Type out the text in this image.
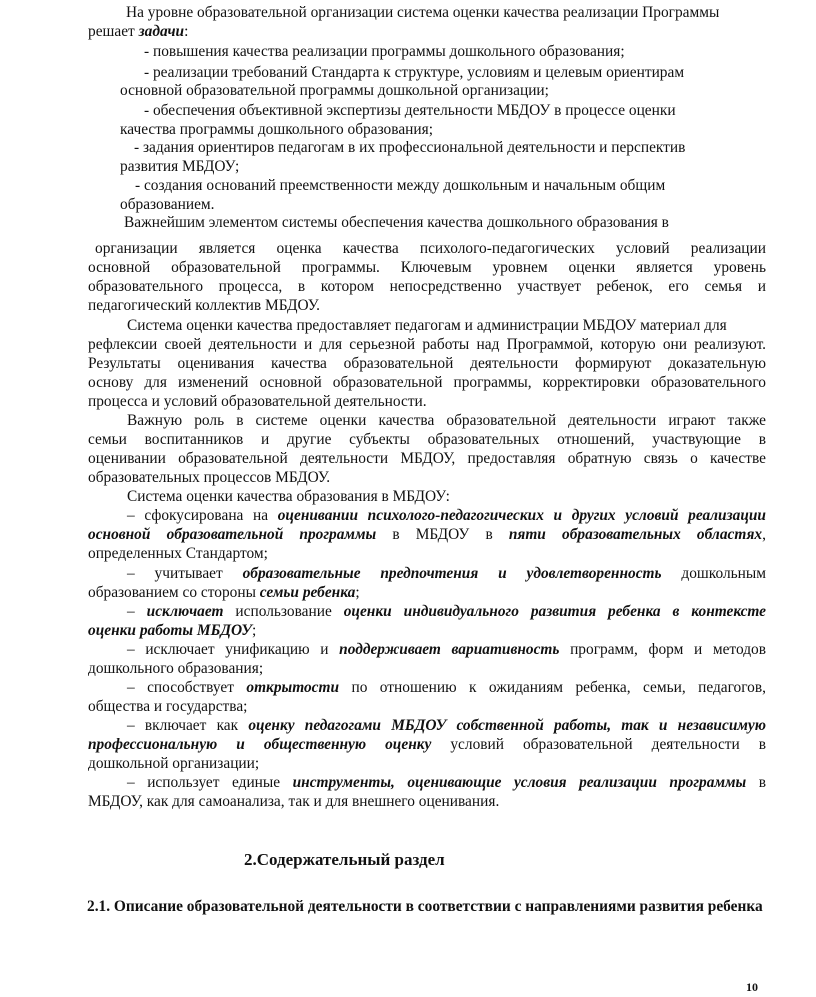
На уровне образовательной организации система оценки качества реализации Программы
решает задачи:
- повышения качества реализации программы дошкольного образования;
- реализации требований Стандарта к структуре, условиям и целевым ориентирам
основной образовательной программы дошкольной организации;
- обеспечения объективной экспертизы деятельности МБДОУ в процессе оценки
качества программы дошкольного образования;
- задания ориентиров педагогам в их профессиональной деятельности и перспектив
развития МБДОУ;
- создания оснований преемственности между дошкольным и начальным общим
образованием.
Важнейшим элементом системы обеспечения качества дошкольного образования в
организации является оценка качества психолого-педагогических условий реализации
основной образовательной программы. Ключевым уровнем оценки является уровень
образовательного процесса, в котором непосредственно участвует ребенок, его семья и
педагогический коллектив МБДОУ.
Система оценки качества предоставляет педагогам и администрации МБДОУ материал для
рефлексии своей деятельности и для серьезной работы над Программой, которую они реализуют.
Результаты оценивания качества образовательной деятельности формируют доказательную
основу для изменений основной образовательной программы, корректировки образовательного
процесса и условий образовательной деятельности.
Важную роль в системе оценки качества образовательной деятельности играют также
семьи воспитанников и другие субъекты образовательных отношений, участвующие в
оценивании образовательной деятельности МБДОУ, предоставляя обратную связь о качестве
образовательных процессов МБДОУ.
Система оценки качества образования в МБДОУ:
– сфокусирована на оценивании психолого-педагогических и других условий реализации
основной образовательной программы в МБДОУ в пяти образовательных областях,
определенных Стандартом;
– учитывает образовательные предпочтения и удовлетворенность дошкольным
образованием со стороны семьи ребенка;
– исключает использование оценки индивидуального развития ребенка в контексте
оценки работы МБДОУ;
– исключает унификацию и поддерживает вариативность программ, форм и методов
дошкольного образования;
– способствует открытости по отношению к ожиданиям ребенка, семьи, педагогов,
общества и государства;
– включает как оценку педагогами МБДОУ собственной работы, так и независимую
профессиональную и общественную оценку условий образовательной деятельности в
дошкольной организации;
– использует единые инструменты, оценивающие условия реализации программы в
МБДОУ, как для самоанализа, так и для внешнего оценивания.
2.Содержательный раздел
2.1. Описание образовательной деятельности в соответствии с направлениями развития ребенка
10
